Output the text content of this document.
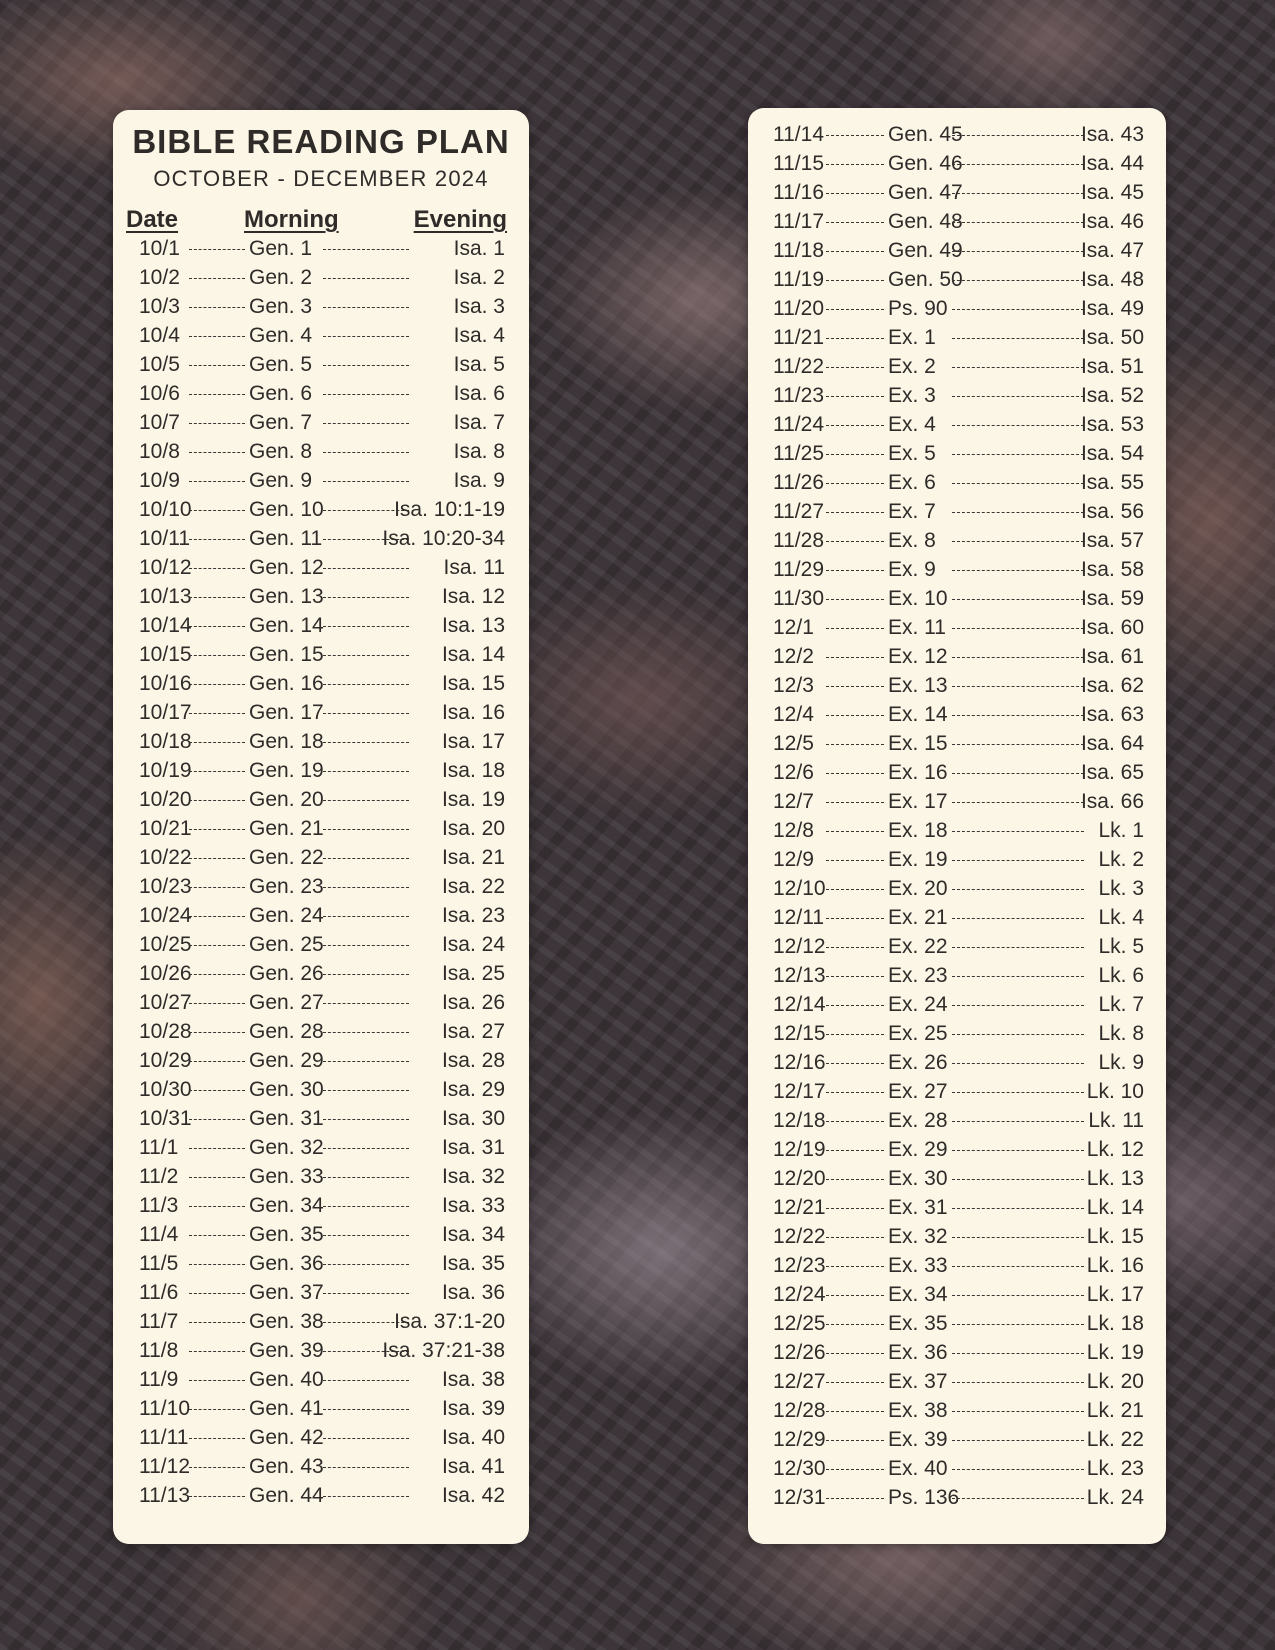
BIBLE READING PLAN
OCTOBER - DECEMBER 2024
Date	Morning	Evening
10/1	Gen. 1	Isa. 1
10/2	Gen. 2	Isa. 2
10/3	Gen. 3	Isa. 3
10/4	Gen. 4	Isa. 4
10/5	Gen. 5	Isa. 5
10/6	Gen. 6	Isa. 6
10/7	Gen. 7	Isa. 7
10/8	Gen. 8	Isa. 8
10/9	Gen. 9	Isa. 9
10/10	Gen. 10	Isa. 10:1-19
10/11	Gen. 11	Isa. 10:20-34
10/12	Gen. 12	Isa. 11
10/13	Gen. 13	Isa. 12
10/14	Gen. 14	Isa. 13
10/15	Gen. 15	Isa. 14
10/16	Gen. 16	Isa. 15
10/17	Gen. 17	Isa. 16
10/18	Gen. 18	Isa. 17
10/19	Gen. 19	Isa. 18
10/20	Gen. 20	Isa. 19
10/21	Gen. 21	Isa. 20
10/22	Gen. 22	Isa. 21
10/23	Gen. 23	Isa. 22
10/24	Gen. 24	Isa. 23
10/25	Gen. 25	Isa. 24
10/26	Gen. 26	Isa. 25
10/27	Gen. 27	Isa. 26
10/28	Gen. 28	Isa. 27
10/29	Gen. 29	Isa. 28
10/30	Gen. 30	Isa. 29
10/31	Gen. 31	Isa. 30
11/1	Gen. 32	Isa. 31
11/2	Gen. 33	Isa. 32
11/3	Gen. 34	Isa. 33
11/4	Gen. 35	Isa. 34
11/5	Gen. 36	Isa. 35
11/6	Gen. 37	Isa. 36
11/7	Gen. 38	Isa. 37:1-20
11/8	Gen. 39	Isa. 37:21-38
11/9	Gen. 40	Isa. 38
11/10	Gen. 41	Isa. 39
11/11	Gen. 42	Isa. 40
11/12	Gen. 43	Isa. 41
11/13	Gen. 44	Isa. 42
11/14	Gen. 45	Isa. 43
11/15	Gen. 46	Isa. 44
11/16	Gen. 47	Isa. 45
11/17	Gen. 48	Isa. 46
11/18	Gen. 49	Isa. 47
11/19	Gen. 50	Isa. 48
11/20	Ps. 90	Isa. 49
11/21	Ex. 1	Isa. 50
11/22	Ex. 2	Isa. 51
11/23	Ex. 3	Isa. 52
11/24	Ex. 4	Isa. 53
11/25	Ex. 5	Isa. 54
11/26	Ex. 6	Isa. 55
11/27	Ex. 7	Isa. 56
11/28	Ex. 8	Isa. 57
11/29	Ex. 9	Isa. 58
11/30	Ex. 10	Isa. 59
12/1	Ex. 11	Isa. 60
12/2	Ex. 12	Isa. 61
12/3	Ex. 13	Isa. 62
12/4	Ex. 14	Isa. 63
12/5	Ex. 15	Isa. 64
12/6	Ex. 16	Isa. 65
12/7	Ex. 17	Isa. 66
12/8	Ex. 18	Lk. 1
12/9	Ex. 19	Lk. 2
12/10	Ex. 20	Lk. 3
12/11	Ex. 21	Lk. 4
12/12	Ex. 22	Lk. 5
12/13	Ex. 23	Lk. 6
12/14	Ex. 24	Lk. 7
12/15	Ex. 25	Lk. 8
12/16	Ex. 26	Lk. 9
12/17	Ex. 27	Lk. 10
12/18	Ex. 28	Lk. 11
12/19	Ex. 29	Lk. 12
12/20	Ex. 30	Lk. 13
12/21	Ex. 31	Lk. 14
12/22	Ex. 32	Lk. 15
12/23	Ex. 33	Lk. 16
12/24	Ex. 34	Lk. 17
12/25	Ex. 35	Lk. 18
12/26	Ex. 36	Lk. 19
12/27	Ex. 37	Lk. 20
12/28	Ex. 38	Lk. 21
12/29	Ex. 39	Lk. 22
12/30	Ex. 40	Lk. 23
12/31	Ps. 136	Lk. 24
